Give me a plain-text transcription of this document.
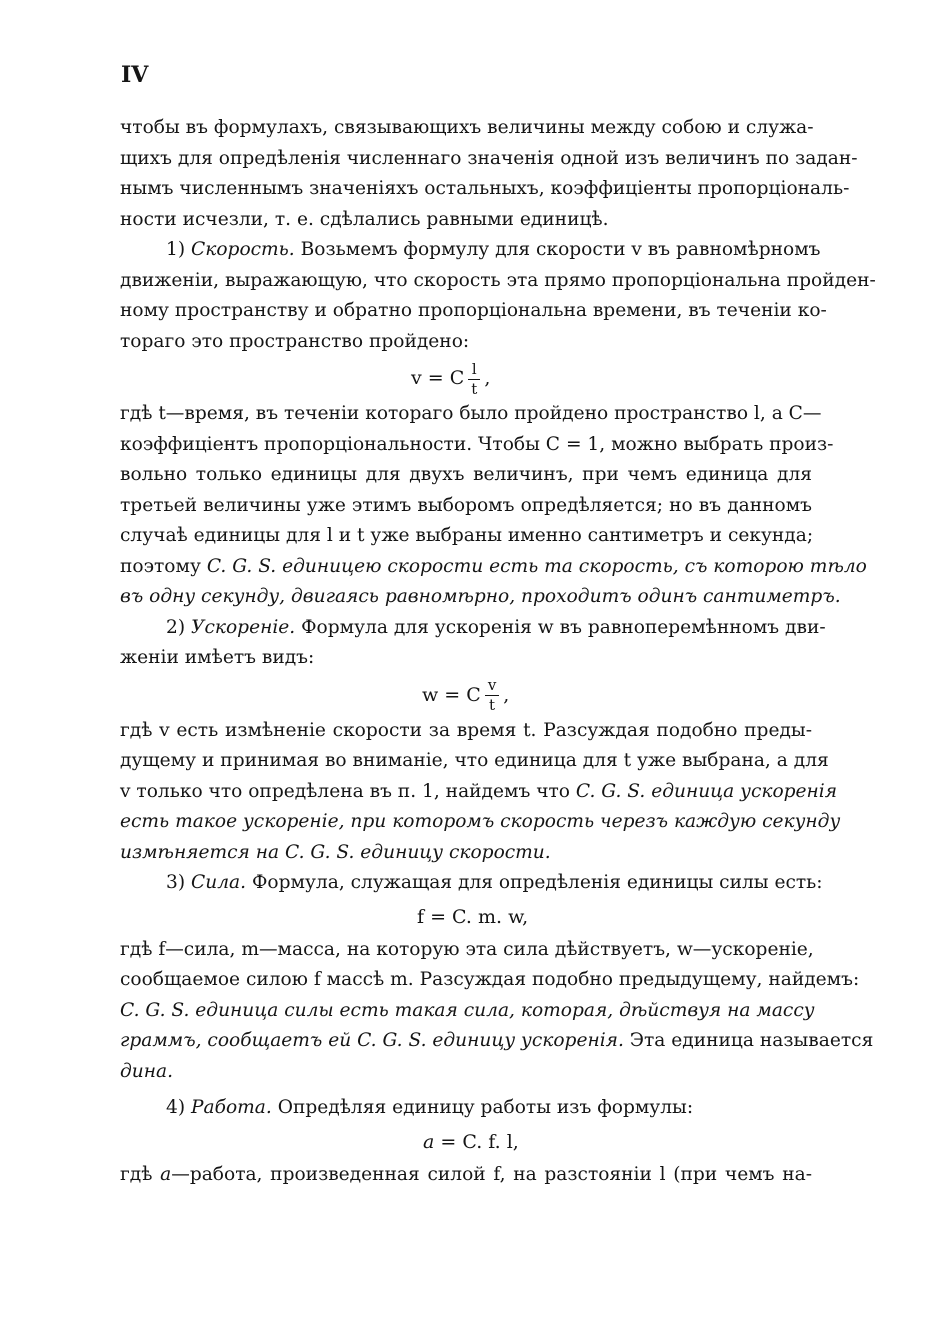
IV
чтобы въ формулахъ, связывающихъ величины между собою и служа-
щихъ для опредѣленія численнаго значенія одной изъ величинъ по задан-
нымъ численнымъ значеніяхъ остальныхъ, коэффиціенты пропорціональ-
ности исчезли, т. е. сдѣлались равными единицѣ.
1) Скорость. Возьмемъ формулу для скорости v въ равномѣрномъ
движеніи, выражающую, что скорость эта прямо пропорціональна пройден-
ному пространству и обратно пропорціональна времени, въ теченіи ко-
тораго это пространство пройдено:
v = C $\frac{l}{t}$ ,
гдѣ t—время, въ теченіи котораго было пройдено пространство l, а C—
коэффиціентъ пропорціональности. Чтобы C = 1, можно выбрать произ-
вольно только единицы для двухъ величинъ, при чемъ единица для
третьей величины уже этимъ выборомъ опредѣляется; но въ данномъ
случаѣ единицы для l и t уже выбраны именно сантиметръ и секунда;
поэтому C. G. S. единицею скорости есть та скорость, съ которою тѣло
въ одну секунду, двигаясь равномѣрно, проходитъ одинъ сантиметръ.
2) Ускореніе. Формула для ускоренія w въ равноперемѣнномъ дви-
женіи имѣетъ видъ:
w = C $\frac{v}{t}$ ,
гдѣ v есть измѣненіе скорости за время t. Разсуждая подобно преды-
дущему и принимая во вниманіе, что единица для t уже выбрана, а для
v только что опредѣлена въ п. 1, найдемъ что C. G. S. единица ускоренія
есть такое ускореніе, при которомъ скорость черезъ каждую секунду
измѣняется на C. G. S. единицу скорости.
3) Сила. Формула, служащая для опредѣленія единицы силы есть:
f = C. m. w,
гдѣ f—сила, m—масса, на которую эта сила дѣйствуетъ, w—ускореніе,
сообщаемое силою f массѣ m. Разсуждая подобно предыдущему, найдемъ:
C. G. S. единица силы есть такая сила, которая, дѣйствуя на массу
граммъ, сообщаетъ ей C. G. S. единицу ускоренія. Эта единица называется
дина.
4) Работа. Опредѣляя единицу работы изъ формулы:
a = C. f. l,
гдѣ a—работа, произведенная силой f, на разстояніи l (при чемъ на-
